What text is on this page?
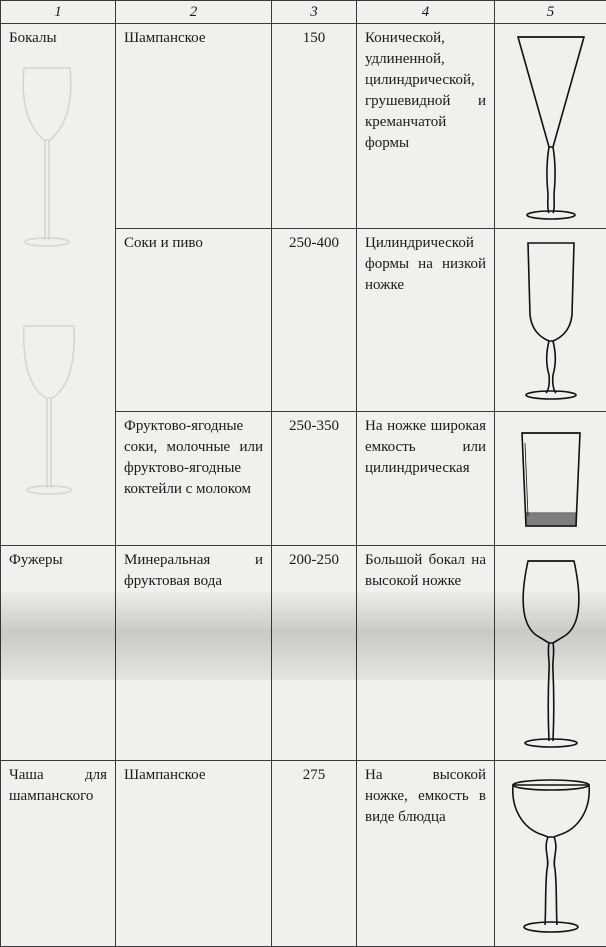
1	2	3	4	5
Бокалы	Шампанское	150	Конической, удлиненной, цилиндрической, грушевидной и креманчатой формы	

	Соки и пиво	250-400	Цилиндрической формы на низкой ножке	

	Фруктово-ягодные соки, молочные или фруктово-ягодные коктейли с молоком	250-350	На ножке широкая емкость или цилиндрическая	

Фужеры	Минеральная и фруктовая вода	200-250	Большой бокал на высокой ножке	

Чаша для шампанского	Шампанское	275	На высокой ножке, емкость в виде блюдца	
